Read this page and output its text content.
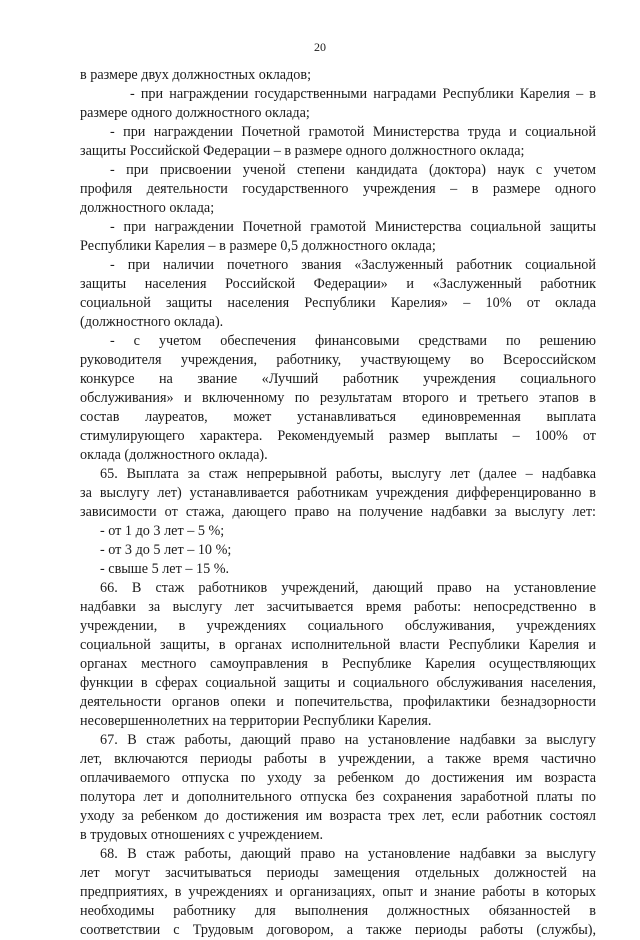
20
в размере двух должностных окладов;
- при награждении государственными наградами Республики Карелия – в
размере одного должностного оклада;
- при награждении Почетной грамотой Министерства труда и социальной
защиты Российской Федерации – в размере одного должностного оклада;
- при присвоении ученой степени кандидата (доктора) наук с учетом
профиля деятельности государственного учреждения – в размере одного
должностного оклада;
- при награждении Почетной грамотой Министерства социальной защиты
Республики Карелия – в размере 0,5 должностного оклада;
- при наличии почетного звания «Заслуженный работник социальной
защиты населения Российской Федерации» и «Заслуженный работник
социальной защиты населения Республики Карелия» – 10% от оклада
(должностного оклада).
- с учетом обеспечения финансовыми средствами по решению
руководителя учреждения, работнику, участвующему во Всероссийском
конкурсе на звание «Лучший работник учреждения социального
обслуживания» и включенному по результатам второго и третьего этапов в
состав лауреатов, может устанавливаться единовременная выплата
стимулирующего характера. Рекомендуемый размер выплаты – 100% от
оклада (должностного оклада).
65. Выплата за стаж непрерывной работы, выслугу лет (далее – надбавка
за выслугу лет) устанавливается работникам учреждения дифференцированно в
зависимости от стажа, дающего право на получение надбавки за выслугу лет:
- от 1 до 3 лет – 5 %;
- от 3 до 5 лет – 10 %;
- свыше 5 лет – 15 %.
66. В стаж работников учреждений, дающий право на установление
надбавки за выслугу лет засчитывается время работы: непосредственно в
учреждении, в учреждениях социального обслуживания, учреждениях
социальной защиты, в органах исполнительной власти Республики Карелия и
органах местного самоуправления в Республике Карелия осуществляющих
функции в сферах социальной защиты и социального обслуживания населения,
деятельности органов опеки и попечительства, профилактики безнадзорности
несовершеннолетних на территории Республики Карелия.
67. В стаж работы, дающий право на установление надбавки за выслугу
лет, включаются периоды работы в учреждении, а также время частично
оплачиваемого отпуска по уходу за ребенком до достижения им возраста
полутора лет и дополнительного отпуска без сохранения заработной платы по
уходу за ребенком до достижения им возраста трех лет, если работник состоял
в трудовых отношениях с учреждением.
68. В стаж работы, дающий право на установление надбавки за выслугу
лет могут засчитываться периоды замещения отдельных должностей на
предприятиях, в учреждениях и организациях, опыт и знание работы в которых
необходимы работнику для выполнения должностных обязанностей в
соответствии с Трудовым договором, а также периоды работы (службы),
